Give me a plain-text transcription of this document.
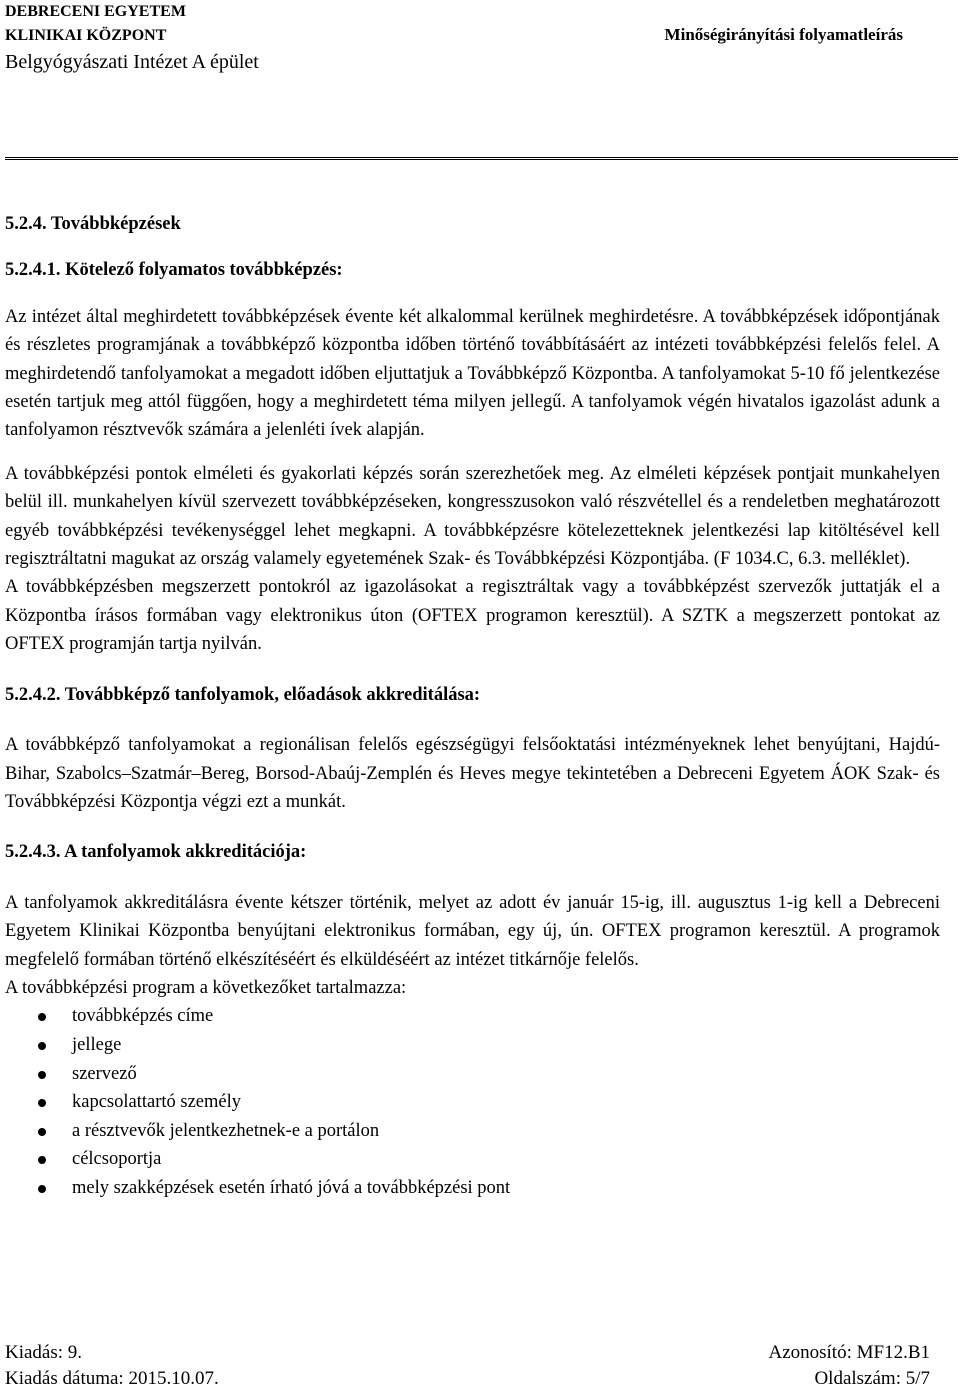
DEBRECENI EGYETEM
KLINIKAI KÖZPONT
Belgyógyászati Intézet A épület
Minőségirányítási folyamatleírás

5.2.4. Továbbképzések

5.2.4.1. Kötelező folyamatos továbbképzés:

Az intézet által meghirdetett továbbképzések évente két alkalommal kerülnek meghirdetésre. A továbbképzések időpontjának és részletes programjának a továbbképző központba időben történő továbbításáért az intézeti továbbképzési felelős felel. A meghirdetendő tanfolyamokat a megadott időben eljuttatjuk a Továbbképző Központba. A tanfolyamokat 5-10 fő jelentkezése esetén tartjuk meg attól függően, hogy a meghirdetett téma milyen jellegű. A tanfolyamok végén hivatalos igazolást adunk a tanfolyamon résztvevők számára a jelenléti ívek alapján.

A továbbképzési pontok elméleti és gyakorlati képzés során szerezhetőek meg. Az elméleti képzések pontjait munkahelyen belül ill. munkahelyen kívül szervezett továbbképzéseken, kongresszusokon való részvétellel és a rendeletben meghatározott egyéb továbbképzési tevékenységgel lehet megkapni. A továbbképzésre kötelezetteknek jelentkezési lap kitöltésével kell regisztráltatni magukat az ország valamely egyetemének Szak- és Továbbképzési Központjába. (F 1034.C, 6.3. melléklet).

A továbbképzésben megszerzett pontokról az igazolásokat a regisztráltak vagy a továbbképzést szervezők juttatják el a Központba írásos formában vagy elektronikus úton (OFTEX programon keresztül). A SZTK a megszerzett pontokat az OFTEX programján tartja nyilván.

5.2.4.2. Továbbképző tanfolyamok, előadások akkreditálása:

A továbbképző tanfolyamokat a regionálisan felelős egészségügyi felsőoktatási intézményeknek lehet benyújtani, Hajdú-Bihar, Szabolcs–Szatmár–Bereg, Borsod-Abaúj-Zemplén és Heves megye tekintetében a Debreceni Egyetem ÁOK Szak- és Továbbképzési Központja végzi ezt a munkát.

5.2.4.3. A tanfolyamok akkreditációja:

A tanfolyamok akkreditálásra évente kétszer történik, melyet az adott év január 15-ig, ill. augusztus 1-ig kell a Debreceni Egyetem Klinikai Központba benyújtani elektronikus formában, egy új, ún. OFTEX programon keresztül. A programok megfelelő formában történő elkészítéséért és elküldéséért az intézet titkárnője felelős.

A továbbképzési program a következőket tartalmazza:

továbbképzés címe
jellege
szervező
kapcsolattartó személy
a résztvevők jelentkezhetnek-e a portálon
célcsoportja
mely szakképzések esetén írható jóvá a továbbképzési pont
Kiadás: 9.	Azonosító: MF12.B1
Kiadás dátuma: 2015.10.07.	Oldalszám: 5/7
